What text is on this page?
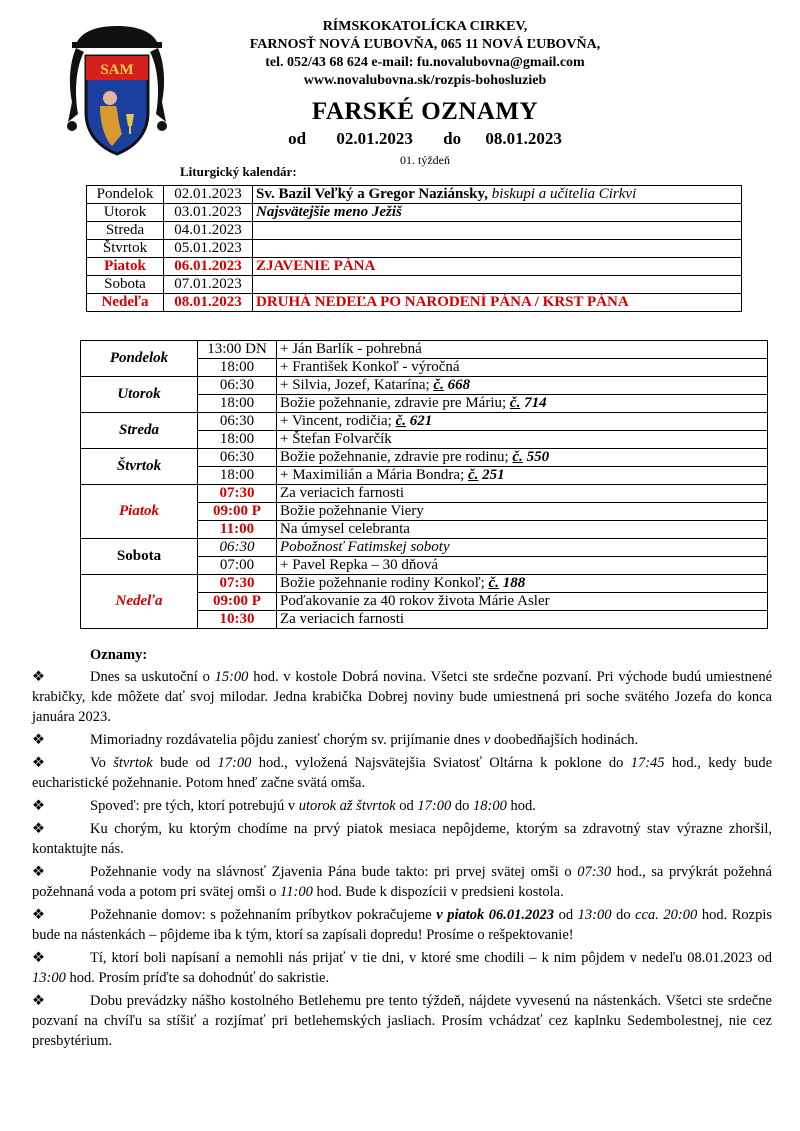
SAM
RÍMSKOKATOLÍCKA CIRKEV,
FARNOSŤ NOVÁ ĽUBOVŇA, 065 11 NOVÁ ĽUBOVŇA,
tel. 052/43 68 624 e-mail: fu.novalubovna@gmail.com
www.novalubovna.sk/rozpis-bohosluzieb
FARSKÉ OZNAMY
od 02.01.2023 do 08.01.2023
01. týždeň
Liturgický kalendár:
Pondelok	02.01.2023	Sv. Bazil Veľký a Gregor Naziánsky, biskupi a učitelia Cirkvi
Utorok	03.01.2023	Najsvätejšie meno Ježiš
Streda	04.01.2023	
Štvrtok	05.01.2023	
Piatok	06.01.2023	ZJAVENIE PÁNA
Sobota	07.01.2023	
Nedeľa	08.01.2023	DRUHÁ NEDEĽA PO NARODENÍ PÁNA / KRST PÁNA
Pondelok	13:00 DN	+ Ján Barlík - pohrebná
	18:00	+ František Konkoľ - výročná
Utorok	06:30	+ Silvia, Jozef, Katarína; č. 668
	18:00	Božie požehnanie, zdravie pre Máriu; č. 714
Streda	06:30	+ Vincent, rodičia; č. 621
	18:00	+ Štefan Folvarčík
Štvrtok	06:30	Božie požehnanie, zdravie pre rodinu; č. 550
	18:00	+ Maximilián a Mária Bondra; č. 251
Piatok	07:30	Za veriacich farnosti
	09:00 P	Božie požehnanie Viery
	11:00	Na úmysel celebranta
Sobota	06:30	Pobožnosť Fatimskej soboty
	07:00	+ Pavel Repka – 30 dňová
Nedeľa	07:30	Božie požehnanie rodiny Konkoľ; č. 188
	09:00 P	Poďakovanie za 40 rokov života Márie Asler
	10:30	Za veriacich farnosti
Oznamy:
❖	Dnes sa uskutoční o 15:00 hod. v kostole Dobrá novina. Všetci ste srdečne pozvaní. Pri východe budú umiestnené krabičky, kde môžete dať svoj milodar. Jedna krabička Dobrej noviny bude umiestnená pri soche svätého Jozefa do konca januára 2023.
❖	Mimoriadny rozdávatelia pôjdu zaniesť chorým sv. prijímanie dnes v doobedňajších hodinách.
❖	Vo štvrtok bude od 17:00 hod., vyložená Najsvätejšia Sviatosť Oltárna k poklone do 17:45 hod., kedy bude eucharistické požehnanie. Potom hneď začne svätá omša.
❖	Spoveď: pre tých, ktorí potrebujú v utorok až štvrtok od 17:00 do 18:00 hod.
❖	Ku chorým, ku ktorým chodíme na prvý piatok mesiaca nepôjdeme, ktorým sa zdravotný stav výrazne zhoršil, kontaktujte nás.
❖	Požehnanie vody na slávnosť Zjavenia Pána bude takto: pri prvej svätej omši o 07:30 hod., sa prvýkrát požehná požehnaná voda a potom pri svätej omši o 11:00 hod. Bude k dispozícii v predsieni kostola.
❖	Požehnanie domov: s požehnaním príbytkov pokračujeme v piatok 06.01.2023 od 13:00 do cca. 20:00 hod. Rozpis bude na nástenkách – pôjdeme iba k tým, ktorí sa zapísali dopredu! Prosíme o rešpektovanie!
❖	Tí, ktorí boli napísaní a nemohli nás prijať v tie dni, v ktoré sme chodili – k nim pôjdem v nedeľu 08.01.2023 od 13:00 hod. Prosím príďte sa dohodnúť do sakristie.
❖	Dobu prevádzky nášho kostolného Betlehemu pre tento týždeň, nájdete vyvesenú na nástenkách. Všetci ste srdečne pozvaní na chvíľu sa stíšiť a rozjímať pri betlehemských jasliach. Prosím vchádzať cez kaplnku Sedembolestnej, nie cez presbytérium.
